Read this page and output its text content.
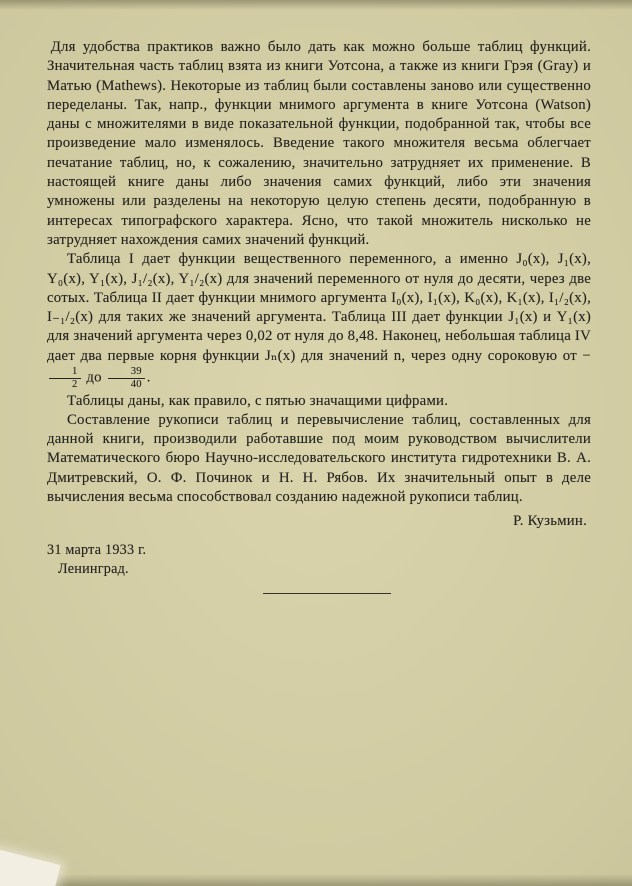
Для удобства практиков важно было дать как можно больше таблиц функций. Значительная часть таблиц взята из книги Уотсона, а также из книги Грэя (Gray) и Матью (Mathews). Некоторые из таблиц были составлены заново или существенно переделаны. Так, напр., функции мнимого аргумента в книге Уотсона (Watson) даны с множителями в виде показательной функции, подобранной так, чтобы все произведение мало изменялось. Введение такого множителя весьма облегчает печатание таблиц, но, к сожалению, значительно затрудняет их применение. В настоящей книге даны либо значения самих функций, либо эти значения умножены или разделены на некоторую целую степень десяти, подобранную в интересах типографского характера. Ясно, что такой множитель нисколько не затрудняет нахождения самих значений функций.

Таблица I дает функции вещественного переменного, а именно J₀(x), J₁(x), Y₀(x), Y₁(x), J₁/₂(x), Y₁/₂(x) для значений переменного от нуля до десяти, через две сотых. Таблица II дает функции мнимого аргумента I₀(x), I₁(x), K₀(x), K₁(x), I₁/₂(x), I₋₁/₂(x) для таких же значений аргумента. Таблица III дает функции J₁(x) и Y₁(x) для значений аргумента через 0,02 от нуля до 8,48. Наконец, небольшая таблица IV дает два первые корня функции Jₙ(x) для значений n, через одну сороковую от −
$\frac{1}{2}$ до $\frac{39}{40}$ .

Таблицы даны, как правило, с пятью значащими цифрами.

Составление рукописи таблиц и перевычисление таблиц, составленных для данной книги, производили работавшие под моим руководством вычислители Математического бюро Научно-исследовательского института гидротехники В. А. Дмитревский, О. Ф. Починок и Н. Н. Рябов. Их значительный опыт в деле вычисления весьма способствовал созданию надежной рукописи таблиц.

Р. Кузьмин.

31 марта 1933 г.
Ленинград.
